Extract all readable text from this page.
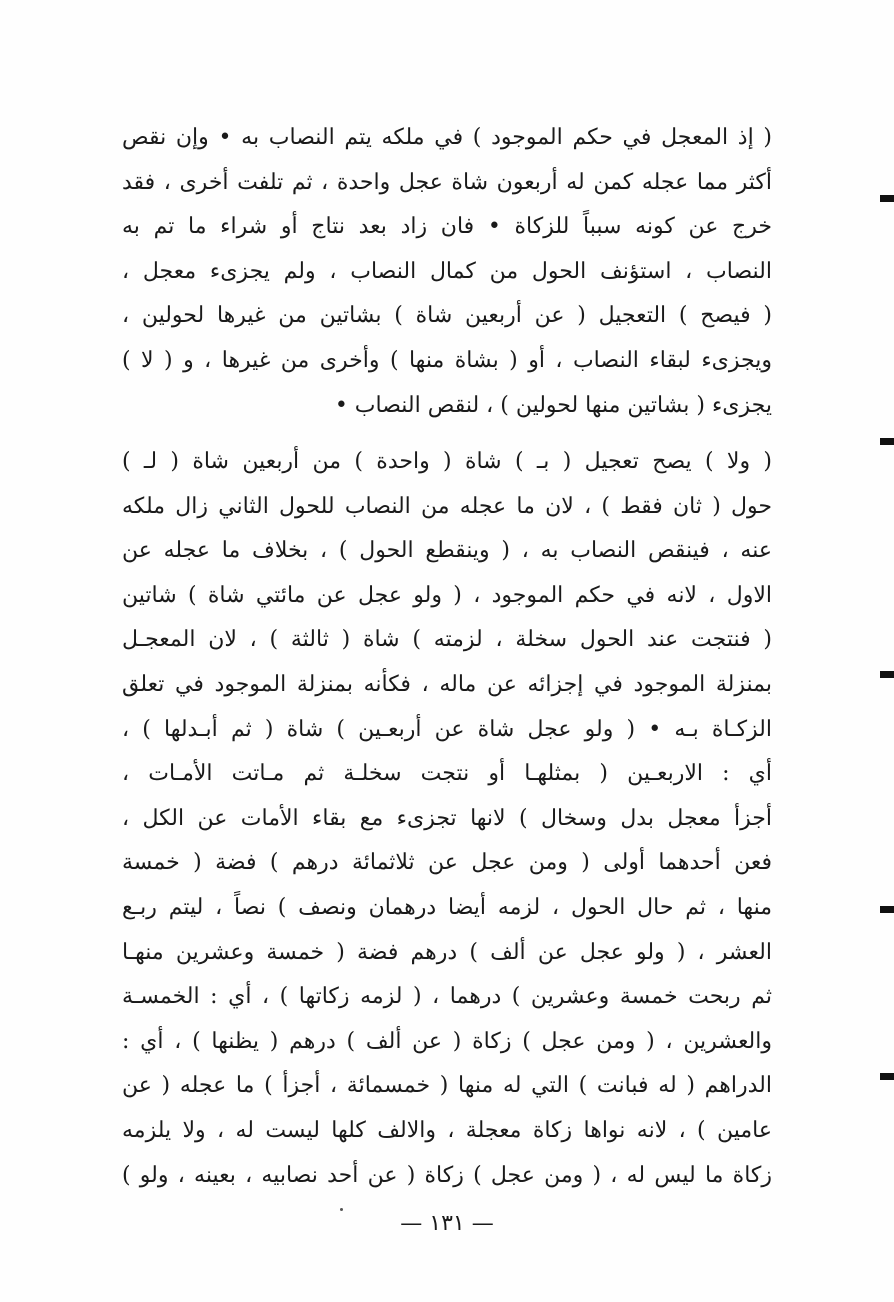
( إذ المعجل في حكم الموجود ) في ملكه يتم النصاب به • وإن نقص
أكثر مما عجله كمن له أربعون شاة عجل واحدة ، ثم تلفت أخرى ، فقد
خرج عن كونه سبباً للزكاة • فان زاد بعد نتاج أو شراء ما تم به
النصاب ، استؤنف الحول من كمال النصاب ، ولم يجزىء معجل ،
( فيصح ) التعجيل ( عن أربعين شاة ) بشاتين من غيرها لحولين ،
ويجزىء لبقاء النصاب ، أو ( بشاة منها ) وأخرى من غيرها ، و ( لا )
يجزىء ( بشاتين منها لحولين ) ، لنقص النصاب •
( ولا ) يصح تعجيل ( بـ ) شاة ( واحدة ) من أربعين شاة ( لـ )
حول ( ثان فقط ) ، لان ما عجله من النصاب للحول الثاني زال ملكه
عنه ، فينقص النصاب به ، ( وينقطع الحول ) ، بخلاف ما عجله عن
الاول ، لانه في حكم الموجود ، ( ولو عجل عن مائتي شاة ) شاتين
( فنتجت عند الحول سخلة ، لزمته ) شاة ( ثالثة ) ، لان المعجـل
بمنزلة الموجود في إجزائه عن ماله ، فكأنه بمنزلة الموجود في تعلق
الزكـاة بـه • ( ولو عجل شاة عن أربعـين ) شاة ( ثم أبـدلها ) ،
أي : الاربعـين ( بمثلهـا أو نتجت سخلـة ثم مـاتت الأمـات ،
أجزأ معجل بدل وسخال ) لانها تجزىء مع بقاء الأمات عن الكل ،
فعن أحدهما أولى ( ومن عجل عن ثلاثمائة درهم ) فضة ( خمسة
منها ، ثم حال الحول ، لزمه أيضا درهمان ونصف ) نصاً ، ليتم ربـع
العشر ، ( ولو عجل عن ألف ) درهم فضة ( خمسة وعشرين منهـا
ثم ربحت خمسة وعشرين ) درهما ، ( لزمه زكاتها ) ، أي : الخمسـة
والعشرين ، ( ومن عجل ) زكاة ( عن ألف ) درهم ( يظنها ) ، أي :
الدراهم ( له فبانت ) التي له منها ( خمسمائة ، أجزأ ) ما عجله ( عن
عامين ) ، لانه نواها زكاة معجلة ، والالف كلها ليست له ، ولا يلزمه
زكاة ما ليس له ، ( ومن عجل ) زكاة ( عن أحد نصابيه ، بعينه ، ولو )
— ١٣١ —
